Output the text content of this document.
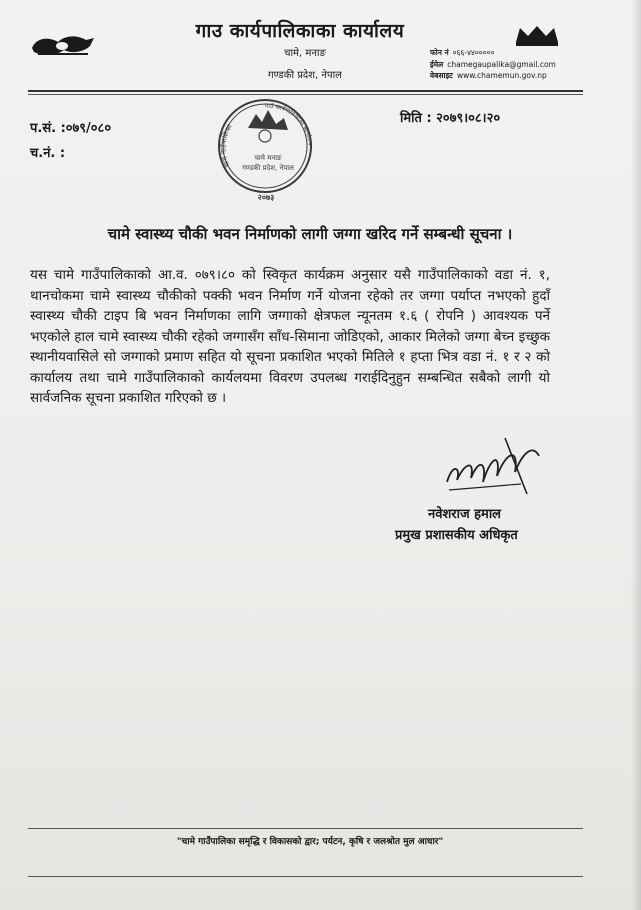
गाउ कार्यपालिकाका कार्यालय
चामे, मनाङ
गण्डकी प्रदेश, नेपाल
फोन नं ०६६-४४०००००
ईमेल chamegaupalika@gmail.com
वेबसाइट www.chamemun.gov.np
प.सं. :०७९/०८०
च.नं. :
मिति : २०७९।०८।२०
चामे गाउँपालिका
गाउँ कार्यपालिकाको कार्यालय
चामे मनाङ
गण्डकी प्रदेश, नेपाल
२०७३
चामे स्वास्थ्य चौकी भवन निर्माणको लागी जग्गा खरिद गर्ने सम्बन्धी सूचना ।
यस चामे गाउँपालिकाको आ.व. ०७९।८० को स्विकृत कार्यक्रम अनुसार यसै गाउँपालिकाको वडा नं. १, थानचोकमा चामे स्वास्थ्य चौकीको पक्की भवन निर्माण गर्ने योजना रहेको तर जग्गा पर्याप्त नभएको हुदाँ स्वास्थ्य चौकी टाइप बि भवन निर्माणका लागि जग्गाको क्षेत्रफल न्यूनतम १.६ ( रोपनि ) आवश्यक पर्ने भएकोले हाल चामे स्वास्थ्य चौकी रहेको जग्गासँग साँध-सिमाना जोडिएको, आकार मिलेको जग्गा बेच्न इच्छुक स्थानीयवासिले सो जग्गाको प्रमाण सहित यो सूचना प्रकाशित भएको मितिले १ हप्ता भित्र वडा नं. १ र २ को कार्यालय तथा चामे गाउँपालिकाको कार्यलयमा विवरण उपलब्ध गराईदिनुहुन सम्बन्धित सबैको लागी यो सार्वजनिक सूचना प्रकाशित गरिएको छ ।
नवेशराज हमाल
प्रमुख प्रशासकीय अधिकृत
"चामे गाउँपालिका समृद्धि र विकासको द्वार; पर्यटन, कृषि र जलश्रोत मुल आधार"
